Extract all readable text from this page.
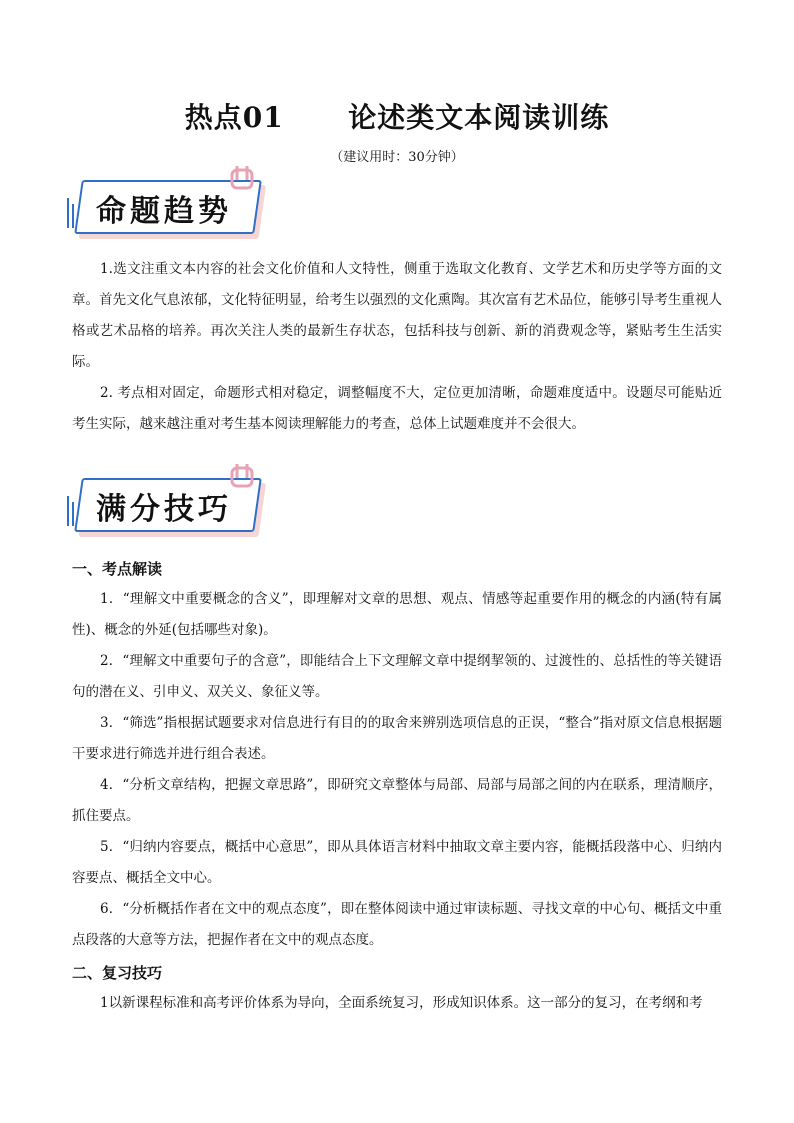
热点01      论述类文本阅读训练
（建议用时：30分钟）
命题趋势
1.选文注重文本内容的社会文化价值和人文特性，侧重于选取文化教育、文学艺术和历史学等方面的文章。首先文化气息浓郁，文化特征明显，给考生以强烈的文化熏陶。其次富有艺术品位，能够引导考生重视人格或艺术品格的培养。再次关注人类的最新生存状态，包括科技与创新、新的消费观念等，紧贴考生生活实际。
2. 考点相对固定，命题形式相对稳定，调整幅度不大，定位更加清晰，命题难度适中。设题尽可能贴近考生实际，越来越注重对考生基本阅读理解能力的考查，总体上试题难度并不会很大。
满分技巧
一、考点解读
1．“理解文中重要概念的含义”，即理解对文章的思想、观点、情感等起重要作用的概念的内涵(特有属性)、概念的外延(包括哪些对象)。
2．“理解文中重要句子的含意”，即能结合上下文理解文章中提纲挈领的、过渡性的、总括性的等关键语句的潜在义、引申义、双关义、象征义等。
3．“筛选”指根据试题要求对信息进行有目的的取舍来辨别选项信息的正误，“整合”指对原文信息根据题干要求进行筛选并进行组合表述。
4．“分析文章结构，把握文章思路”，即研究文章整体与局部、局部与局部之间的内在联系，理清顺序，抓住要点。
5．“归纳内容要点，概括中心意思”，即从具体语言材料中抽取文章主要内容，能概括段落中心、归纳内容要点、概括全文中心。
6．“分析概括作者在文中的观点态度”，即在整体阅读中通过审读标题、寻找文章的中心句、概括文中重点段落的大意等方法，把握作者在文中的观点态度。
二、复习技巧
1以新课程标准和高考评价体系为导向，全面系统复习，形成知识体系。这一部分的复习，在考纲和考
